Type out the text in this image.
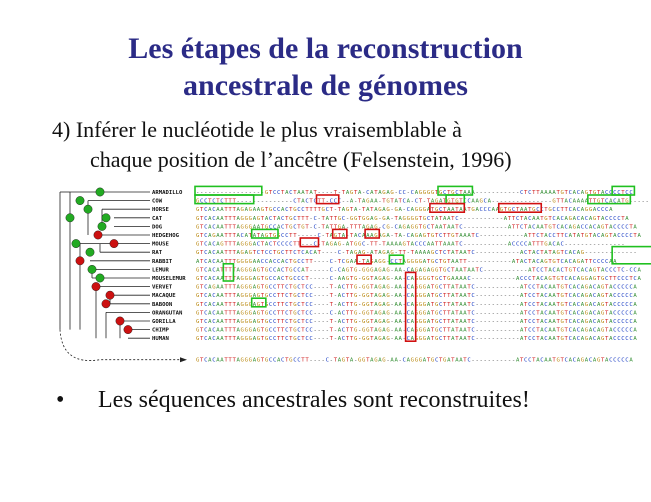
Les étapes de la reconstruction
ancestrale de génomes
4) Inférer le nucléotide le plus vraisemblable à
chaque position de l’ancêtre (Felsenstein, 1996)
ARMADILLO -----------------GTCCTACTAATAT----T-TAGTA-CATAGAG-CC-CAGGGGTGCTGCTAAA-----------CTCTTAAAATGTCACAGTGTACCCCTCC
COW	GCCTCTCTTT--------------CTACTCTT-CCC--A-TAGAA-TGTATCA-CT-TAGATGTGTCCAAGCA---------------GTTACAAAATTGTCACATG-----
HORSE	GTCACAATTTAGAGAAGTGCCACTGCCTTTTGCT-TAGTA-TATAGAG-GA-CAGGGATGCTAATAATGACCCAAGTGCTAATGCCTGCCTTCACAGGACCCA
CAT	GTCACAATTTAGGGAGTACTACTGCTTT-C-TATTGC-GGTGGAG-GA-TAGGGGTGCTATAATC-----------ATTCTACAATGTCACAGACACAGTACCCCTA
DOG	GTCACAATTTAGGGAATGCCACTGCTGT-C-TATTGA-TTTAGAG-CG-CAGAGGTGCTAATAATC-----------ATTCTACAATGTCACAGACCACAGTACCCCTA
HEDGEHOG	GTCAGAATTTACATATAGTGGCCTT-----C-TAGTA-TACAAAGAGA-TA-CAGAGTGTCTTGTAAATC-----------ATTCTACCTTCATATGTACAGTACCCCTA
MOUSE	GTCACAGTTTAGGGACTACTCCCCTT---C-TAGAG-ATGGC-TT-TAAAAGTACCCAATTAAATC-----------ACCCCATTTGACAC---------------
RAT	GTCACAATTTAGAGTCTCCTGCTTCTCACAT----C-TAGAG-ATAGAG-TT-TAAAAGCTCTATAATC-----------ACTACTATAGTCACAG-------------
RABBIT	ATCACAATTTGGGGAACCACCACTGCCTT----C-TCGAA-TAGAGG-CCTAGGGGATGCTGTAATT-----------ATACTACAGTGTCACAGATTCCCCAA
LEMUR	GTCACATTTTAGGGAGTGCCACTGCCAT-----C-CAGTG-GGGAGAG-AA-CAGAGAGGTGCTAATAATC-----------ATCCTACACTGTCACAGTACCCTC-CCA
MOUSELEMUR GTCACAATTTAGGGAGTGCCACTGCCCT-----C-AAGTG-GGTAGAG-AA-CAGGGGTGCTGAAAAC-----------ACCCTACAGTGTCACAGGAGTGCTTCCCTCA
VERVET	GTCAGAATTTAGGGAGTGCCTTCTGCTCC----T-ACTTG-GGTAGAG-AA-CAGGGATGCTTATAATC-----------ATCCTACAATGTCACAGACAGTACCCCCA
MACAQUE	GTCACAATTTAGGGAGTGCCTTCTGCTCC----T-ACTTG-GGTAGAG-AA-CAGGGATGCTTATAATC-----------ATCCTACAATGTCACAGACAGTACCCCCA
BABOON	GTCACAATTTAGGGAGTGCCTTCTGCTCC----T-ACTTG-GGTAGAG-AA-CAGGGATGCTTATAATC-----------ATCCTACAATGTCACAGACAGTACCCCCA
ORANGUTAN GTCACAATTTAGGGAGTGCCTTCTGCTCC----C-ACTTG-GGTAGAG-AA-CAGGGATGCTTATAATC-----------ATCCTACAATGTCACAGACAGTACCCCCA
GORILLA	GTCACAATTTAGGGAGTGCCTTCTGCTCC----T-ACTTG-GGTAGAG-AA-CAGGGATGCTTATAATC-----------ATCCTACAATGTCACAGACAGTACCCCCA
CHIMP	GTCACAATTTAGGGAGTGCCTTCTGCTCC----T-ACTTG-GGTAGAG-AA-CAGGGATGCTTATAATC-----------ATCCTACAATGTCACAGACAGTACCCCCA
HUMAN	GTCACAATTTAGGGAGTGCCTTCTGCTCC----T-ACTTG-GGTAGAG-AA-CAGGGATGCTTATAATC-----------ATCCTACAATGTCACAGACAGTACCCCCA
GTCACAATTTAGGGAGTGCCACTGCCTT----C-TAGTA-GGTAGAG-AA-CAGGGATGCTGATAATC-----------ATCCTACAATGTCACAGACAGTACCCCCA
• Les séquences ancestrales sont reconstruites!
